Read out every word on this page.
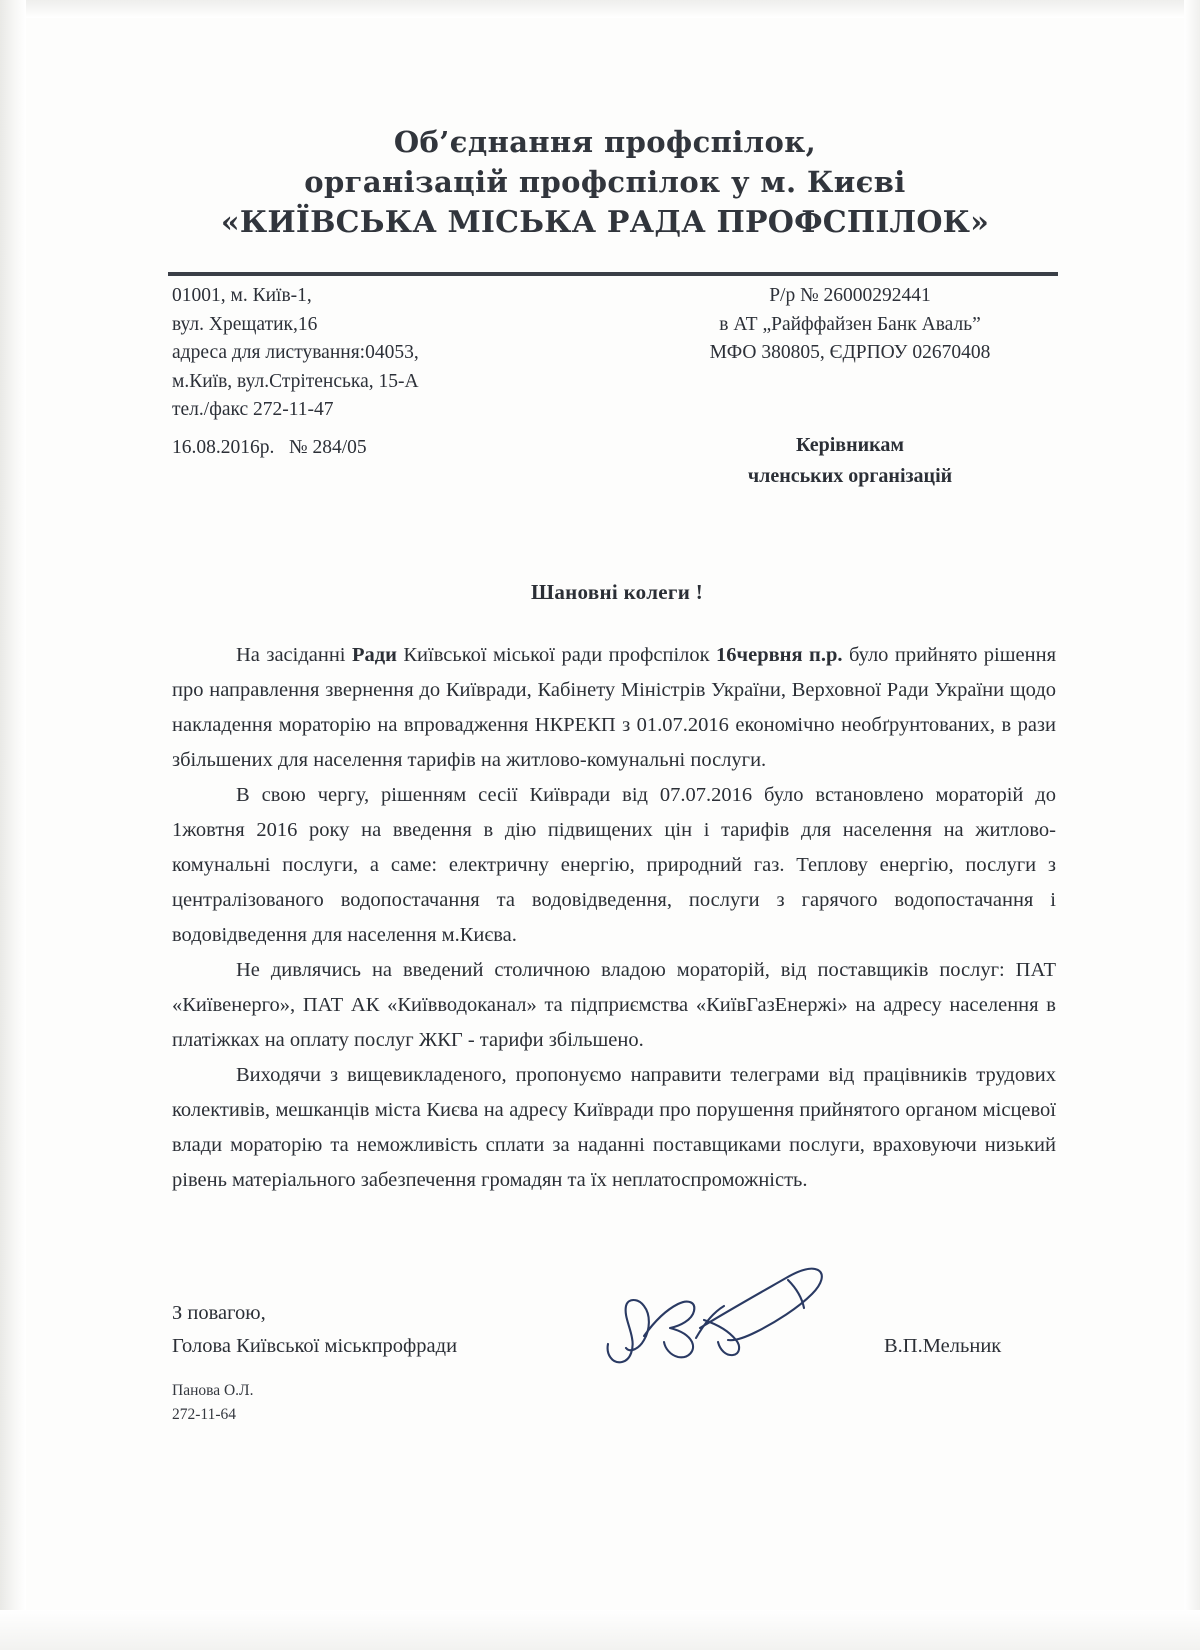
Об’єднання профспілок,
організацій профспілок у м. Києві
«КИЇВСЬКА МІСЬКА РАДА ПРОФСПІЛОК»
01001, м. Київ-1,
вул. Хрещатик,16
адреса для листування:04053,
м.Київ, вул.Стрітенська, 15-А
тел./факс 272-11-47
Р/р № 26000292441
в АТ „Райффайзен Банк Аваль”
МФО 380805, ЄДРПОУ 02670408
16.08.2016р.   № 284/05	Керівникам
членських організацій
Шановні колеги !

На засіданні Ради Київської міської ради профспілок 16червня п.р. було прийнято рішення про направлення звернення до Київради, Кабінету Міністрів України, Верховної Ради України щодо накладення мораторію на впровадження НКРЕКП з 01.07.2016 економічно необґрунтованих, в рази збільшених для населення тарифів на житлово-комунальні послуги.

В свою чергу, рішенням сесії Київради від 07.07.2016 було встановлено мораторій до 1жовтня 2016 року на введення в дію підвищених цін і тарифів для населення на житлово-комунальні послуги, а саме: електричну енергію, природний газ. Теплову енергію, послуги з централізованого водопостачання та водовідведення, послуги з гарячого водопостачання і водовідведення для населення м.Києва.

Не дивлячись на введений столичною владою мораторій, від поставщиків послуг: ПАТ «Київенерго», ПАТ АК «Київводоканал» та підприємства «КиївГазЕнержі» на адресу населення в платіжках на оплату послуг ЖКГ - тарифи збільшено.

Виходячи з вищевикладеного, пропонуємо направити телеграми від працівників трудових колективів, мешканців міста Києва на адресу Київради про порушення прийнятого органом місцевої влади мораторію та неможливість сплати за наданні поставщиками послуги, враховуючи низький рівень матеріального забезпечення громадян та їх неплатоспроможність.

З повагою,
Голова Київської міськпрофради	В.П.Мельник
Панова О.Л.
272-11-64
